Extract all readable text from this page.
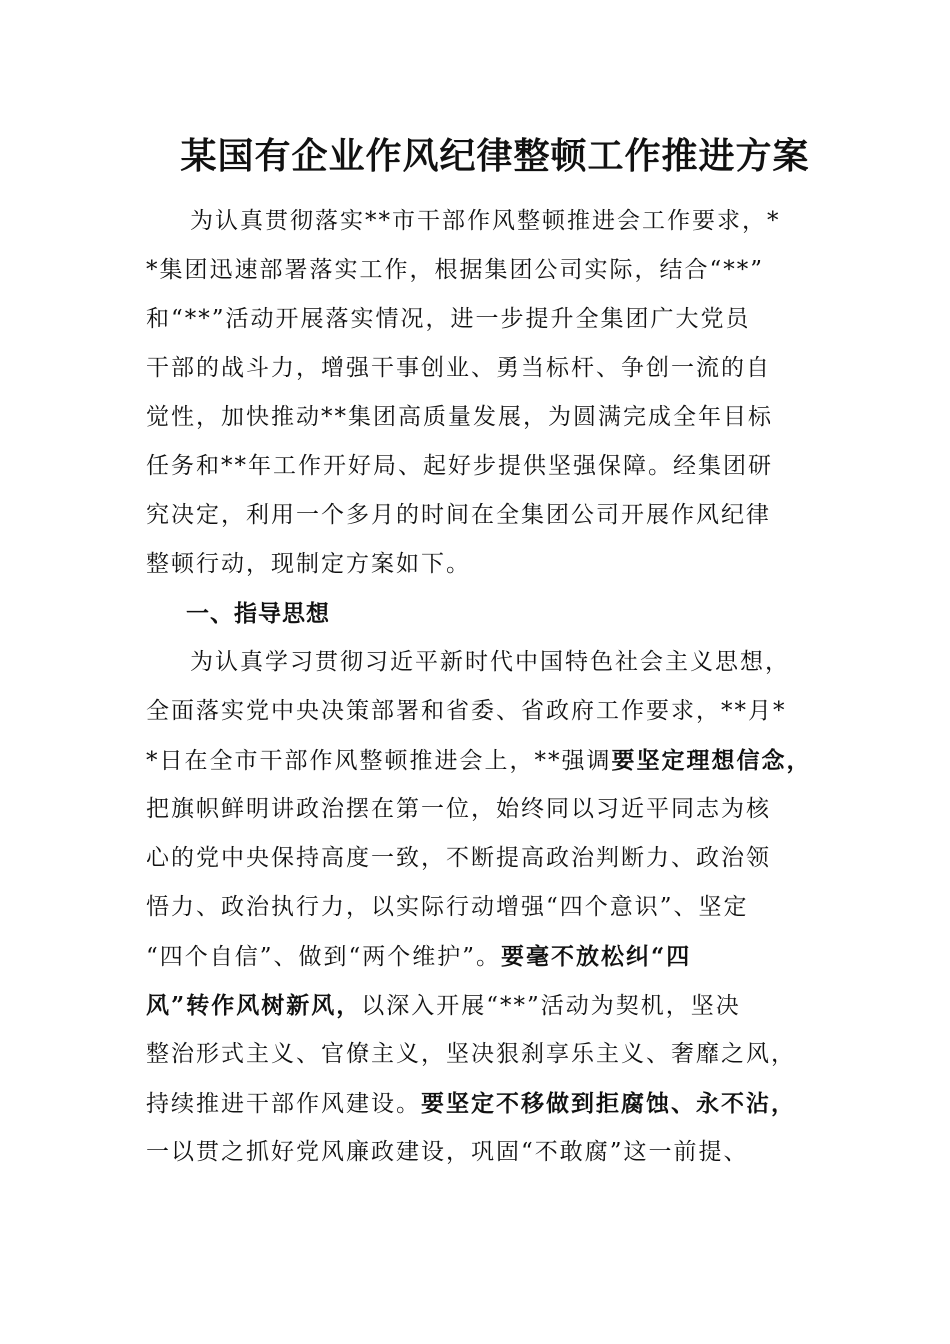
某国有企业作风纪律整顿工作推进方案
为认真贯彻落实**市干部作风整顿推进会工作要求，*
*集团迅速部署落实工作，根据集团公司实际，结合“**”
和“**”活动开展落实情况，进一步提升全集团广大党员
干部的战斗力，增强干事创业、勇当标杆、争创一流的自
觉性，加快推动**集团高质量发展，为圆满完成全年目标
任务和**年工作开好局、起好步提供坚强保障。经集团研
究决定，利用一个多月的时间在全集团公司开展作风纪律
整顿行动，现制定方案如下。
一、指导思想
为认真学习贯彻习近平新时代中国特色社会主义思想，
全面落实党中央决策部署和省委、省政府工作要求，**月*
*日在全市干部作风整顿推进会上，**强调要坚定理想信念，
把旗帜鲜明讲政治摆在第一位，始终同以习近平同志为核
心的党中央保持高度一致，不断提高政治判断力、政治领
悟力、政治执行力，以实际行动增强“四个意识”、坚定
“四个自信”、做到“两个维护”。要毫不放松纠“四
风”转作风树新风，以深入开展“**”活动为契机，坚决
整治形式主义、官僚主义，坚决狠刹享乐主义、奢靡之风，
持续推进干部作风建设。要坚定不移做到拒腐蚀、永不沾，
一以贯之抓好党风廉政建设，巩固“不敢腐”这一前提、
